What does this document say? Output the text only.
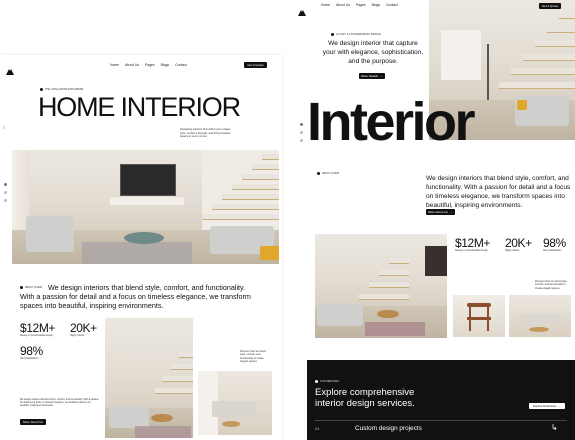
Home About Us Pages Blogs Contact	Get A Quote
THE LIVING ROOM EXPLORERS
HOME INTERIOR
Designing interiors that reflect your unique style, enhance lifestyle, and bring timeless beauty to every corner.
≡
ABOUT AGIMS We design interiors that blend style, comfort, and functionality. With a passion for detail and a focus on timeless elegance, we transform spaces into beautiful, inspiring environments.
$12M+
Saving on Constructable Design
20K+
Happy Clients
98%
Client Satisfaction
Discover how we blend style, comfort, and functionality to create elegant spaces.
We design interiors that blend style, comfort, and functionality. With a passion for detail and a focus on timeless elegance, we transform spaces into beautiful, inspiring environments.
More About Us
Home About Us Pages Blogs Contact	Get A Quote
LUXURY & CONTEMPORARY DESIGN
We design interior that capture your with elegance, sophistication, and the purpose.
More Details →
Interior
ABOUT AGIMS
We design interiors that blend style, comfort, and functionality. With a passion for detail and a focus on timeless elegance, we transform spaces into beautiful, inspiring environments.
More About Us →
$12M+
Saving on Constructable Design
20K+
Happy Clients
98%
Client Satisfaction
Discover how we blend style, comfort, and functionality to create elegant spaces.
OUR SERVICES
Explore comprehensive interior design services.	Explore All Services →
01.	Custom design projects	↳
